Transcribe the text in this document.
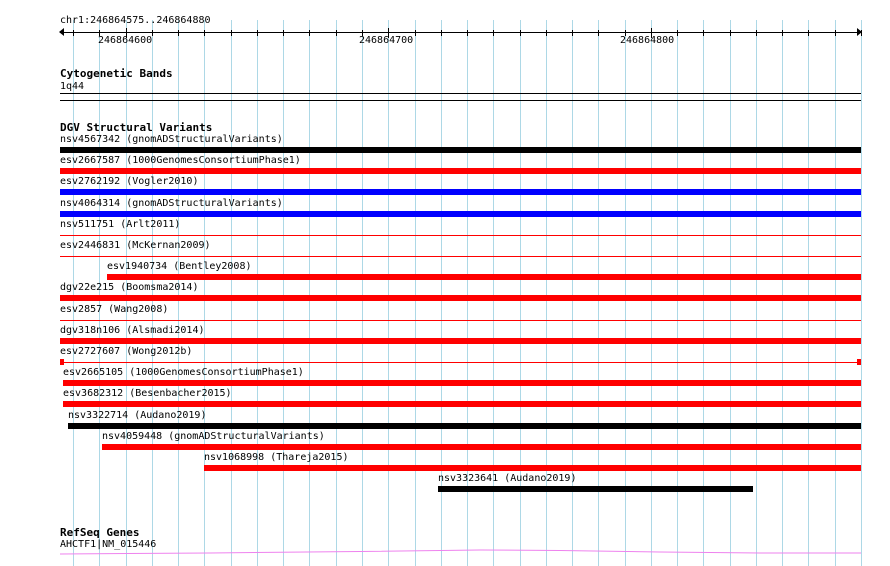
chr1:246864575..246864880
246864600	246864700	246864800
Cytogenetic Bands
1q44
DGV Structural Variants
nsv4567342 (gnomADStructuralVariants)
esv2667587 (1000GenomesConsortiumPhase1)
esv2762192 (Vogler2010)
nsv4064314 (gnomADStructuralVariants)
nsv511751 (Arlt2011)
esv2446831 (McKernan2009)
esv1940734 (Bentley2008)
dgv22e215 (Boomsma2014)
esv2857 (Wang2008)
dgv318n106 (Alsmadi2014)
esv2727607 (Wong2012b)
esv2665105 (1000GenomesConsortiumPhase1)
esv3682312 (Besenbacher2015)
nsv3322714 (Audano2019)
nsv4059448 (gnomADStructuralVariants)
nsv1068998 (Thareja2015)
nsv3323641 (Audano2019)
RefSeq Genes
AHCTF1|NM_015446
